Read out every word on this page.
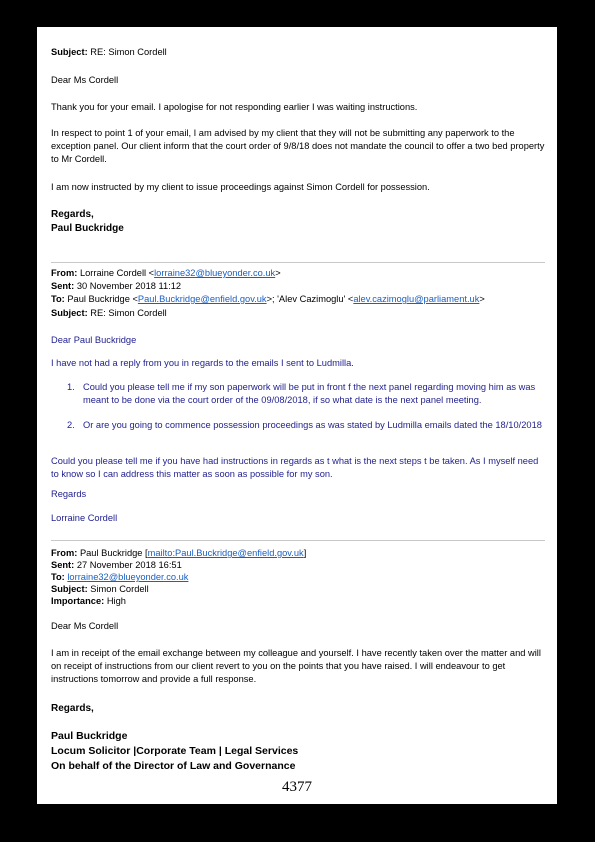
Subject: RE: Simon Cordell
Dear Ms Cordell
Thank you for your email. I apologise for not responding earlier I was waiting instructions.
In respect to point 1 of your email, I am advised by my client that they will not be submitting any paperwork to the exception panel. Our client inform that the court order of 9/8/18 does not mandate the council to offer a two bed property to Mr Cordell.
I am now instructed by my client to issue proceedings against Simon Cordell for possession.
Regards,
Paul Buckridge
From: Lorraine Cordell <lorraine32@blueyonder.co.uk>
Sent: 30 November 2018 11:12
To: Paul Buckridge <Paul.Buckridge@enfield.gov.uk>; 'Alev Cazimoglu' <alev.cazimoglu@parliament.uk>
Subject: RE: Simon Cordell
Dear Paul Buckridge
I have not had a reply from you in regards to the emails I sent to Ludmilla.
1. Could you please tell me if my son paperwork will be put in front f the next panel regarding moving him as was meant to be done via the court order of the 09/08/2018, if so what date is the next panel meeting.
2. Or are you going to commence possession proceedings as was stated by Ludmilla emails dated the 18/10/2018
Could you please tell me if you have had instructions in regards as t what is the next steps t be taken. As I myself need to know so I can address this matter as soon as possible for my son.
Regards
Lorraine Cordell
From: Paul Buckridge [mailto:Paul.Buckridge@enfield.gov.uk]
Sent: 27 November 2018 16:51
To: lorraine32@blueyonder.co.uk
Subject: Simon Cordell
Importance: High
Dear Ms Cordell
I am in receipt of the email exchange between my colleague and yourself. I have recently taken over the matter and will on receipt of instructions from our client revert to you on the points that you have raised. I will endeavour to get instructions tomorrow and provide a full response.
Regards,
Paul Buckridge
Locum Solicitor |Corporate Team | Legal Services
On behalf of the Director of Law and Governance
4377
